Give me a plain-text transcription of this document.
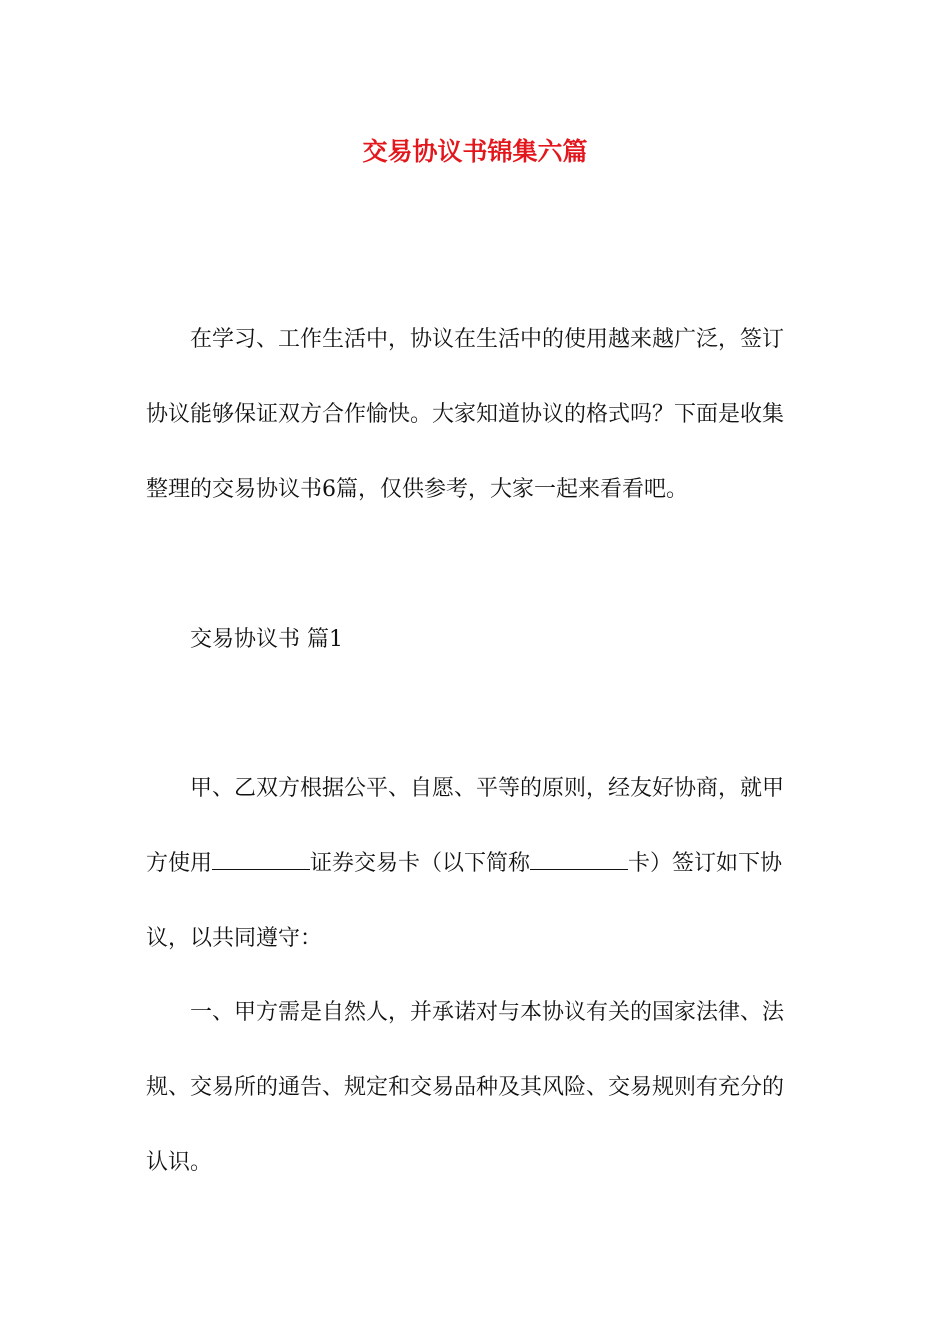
交易协议书锦集六篇
在学习、工作生活中，协议在生活中的使用越来越广泛，签订
协议能够保证双方合作愉快。大家知道协议的格式吗？下面是收集
整理的交易协议书6篇，仅供参考，大家一起来看看吧。
交易协议书 篇1
甲、乙双方根据公平、自愿、平等的原则，经友好协商，就甲
方使用	证券交易卡（以下简称	卡）签订如下协
议，以共同遵守：
一、甲方需是自然人，并承诺对与本协议有关的国家法律、法
规、交易所的通告、规定和交易品种及其风险、交易规则有充分的
认识。
